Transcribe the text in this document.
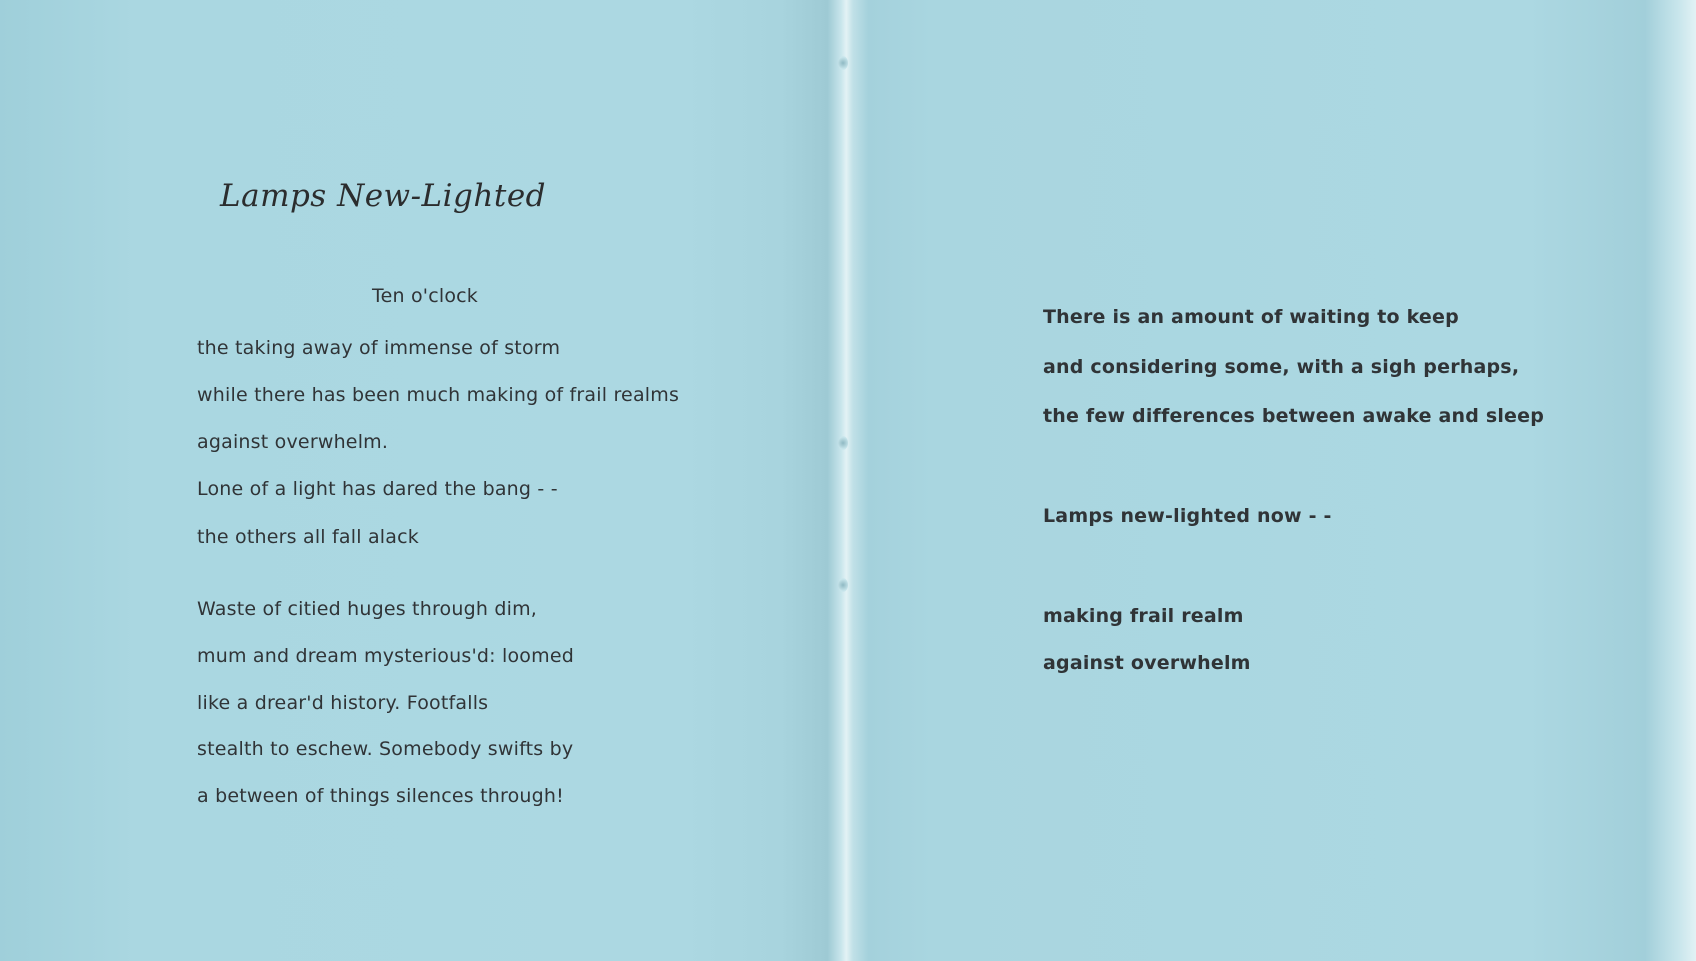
Lamps New-Lighted
Ten o'clock
the taking away of immense of storm
while there has been much making of frail realms
against overwhelm.
Lone of a light has dared the bang - -
the others all fall alack
Waste of citied huges through dim,
mum and dream mysterious'd: loomed
like a drear'd history. Footfalls
stealth to eschew. Somebody swifts by
a between of things silences through!
There is an amount of waiting to keep
and considering some, with a sigh perhaps,
the few differences between awake and sleep
Lamps new-lighted now - -
making frail realm
against overwhelm
